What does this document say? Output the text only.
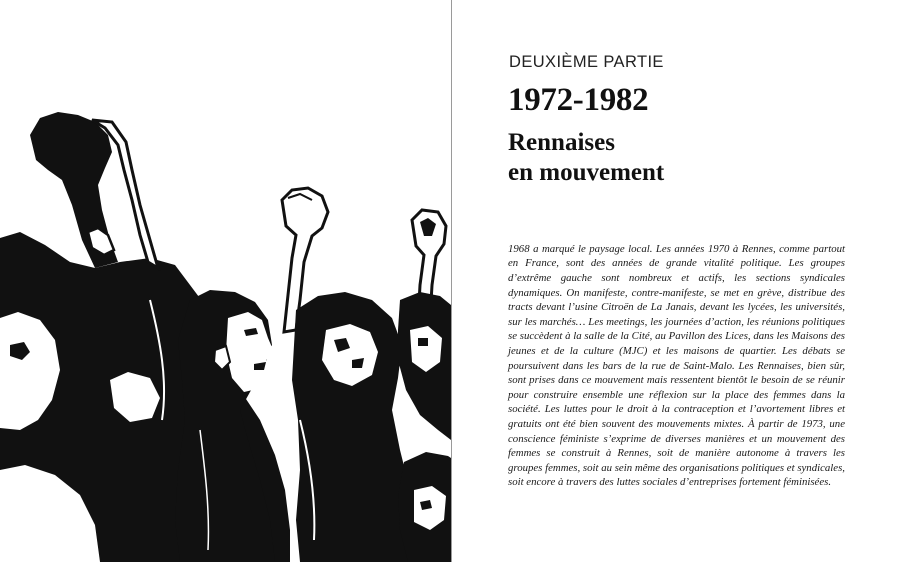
DEUXIÈME PARTIE
1972-1982
Rennaises
en mouvement

1968 a marqué le paysage local. Les années 1970 à Rennes, comme partout en France, sont des années de grande vitalité politique. Les groupes d’extrême gauche sont nombreux et actifs, les sections syndicales dynamiques. On manifeste, contre-manifeste, se met en grève, distribue des tracts devant l’usine Citroën de La Janais, devant les lycées, les universités, sur les marchés… Les meetings, les journées d’action, les réunions politiques se succèdent à la salle de la Cité, au Pavillon des Lices, dans les Maisons des jeunes et de la culture (MJC) et les maisons de quartier. Les débats se poursuivent dans les bars de la rue de Saint-Malo. Les Rennaises, bien sûr, sont prises dans ce mouvement mais ressentent bientôt le besoin de se réunir pour construire ensemble une réflexion sur la place des femmes dans la société. Les luttes pour le droit à la contraception et l’avortement libres et gratuits ont été bien souvent des mouvements mixtes. À partir de 1973, une conscience féministe s’exprime de diverses manières et un mouvement des femmes se construit à Rennes, soit de manière autonome à travers les groupes femmes, soit au sein même des organisations politiques et syndicales, soit encore à travers des luttes sociales d’entreprises fortement féminisées.
